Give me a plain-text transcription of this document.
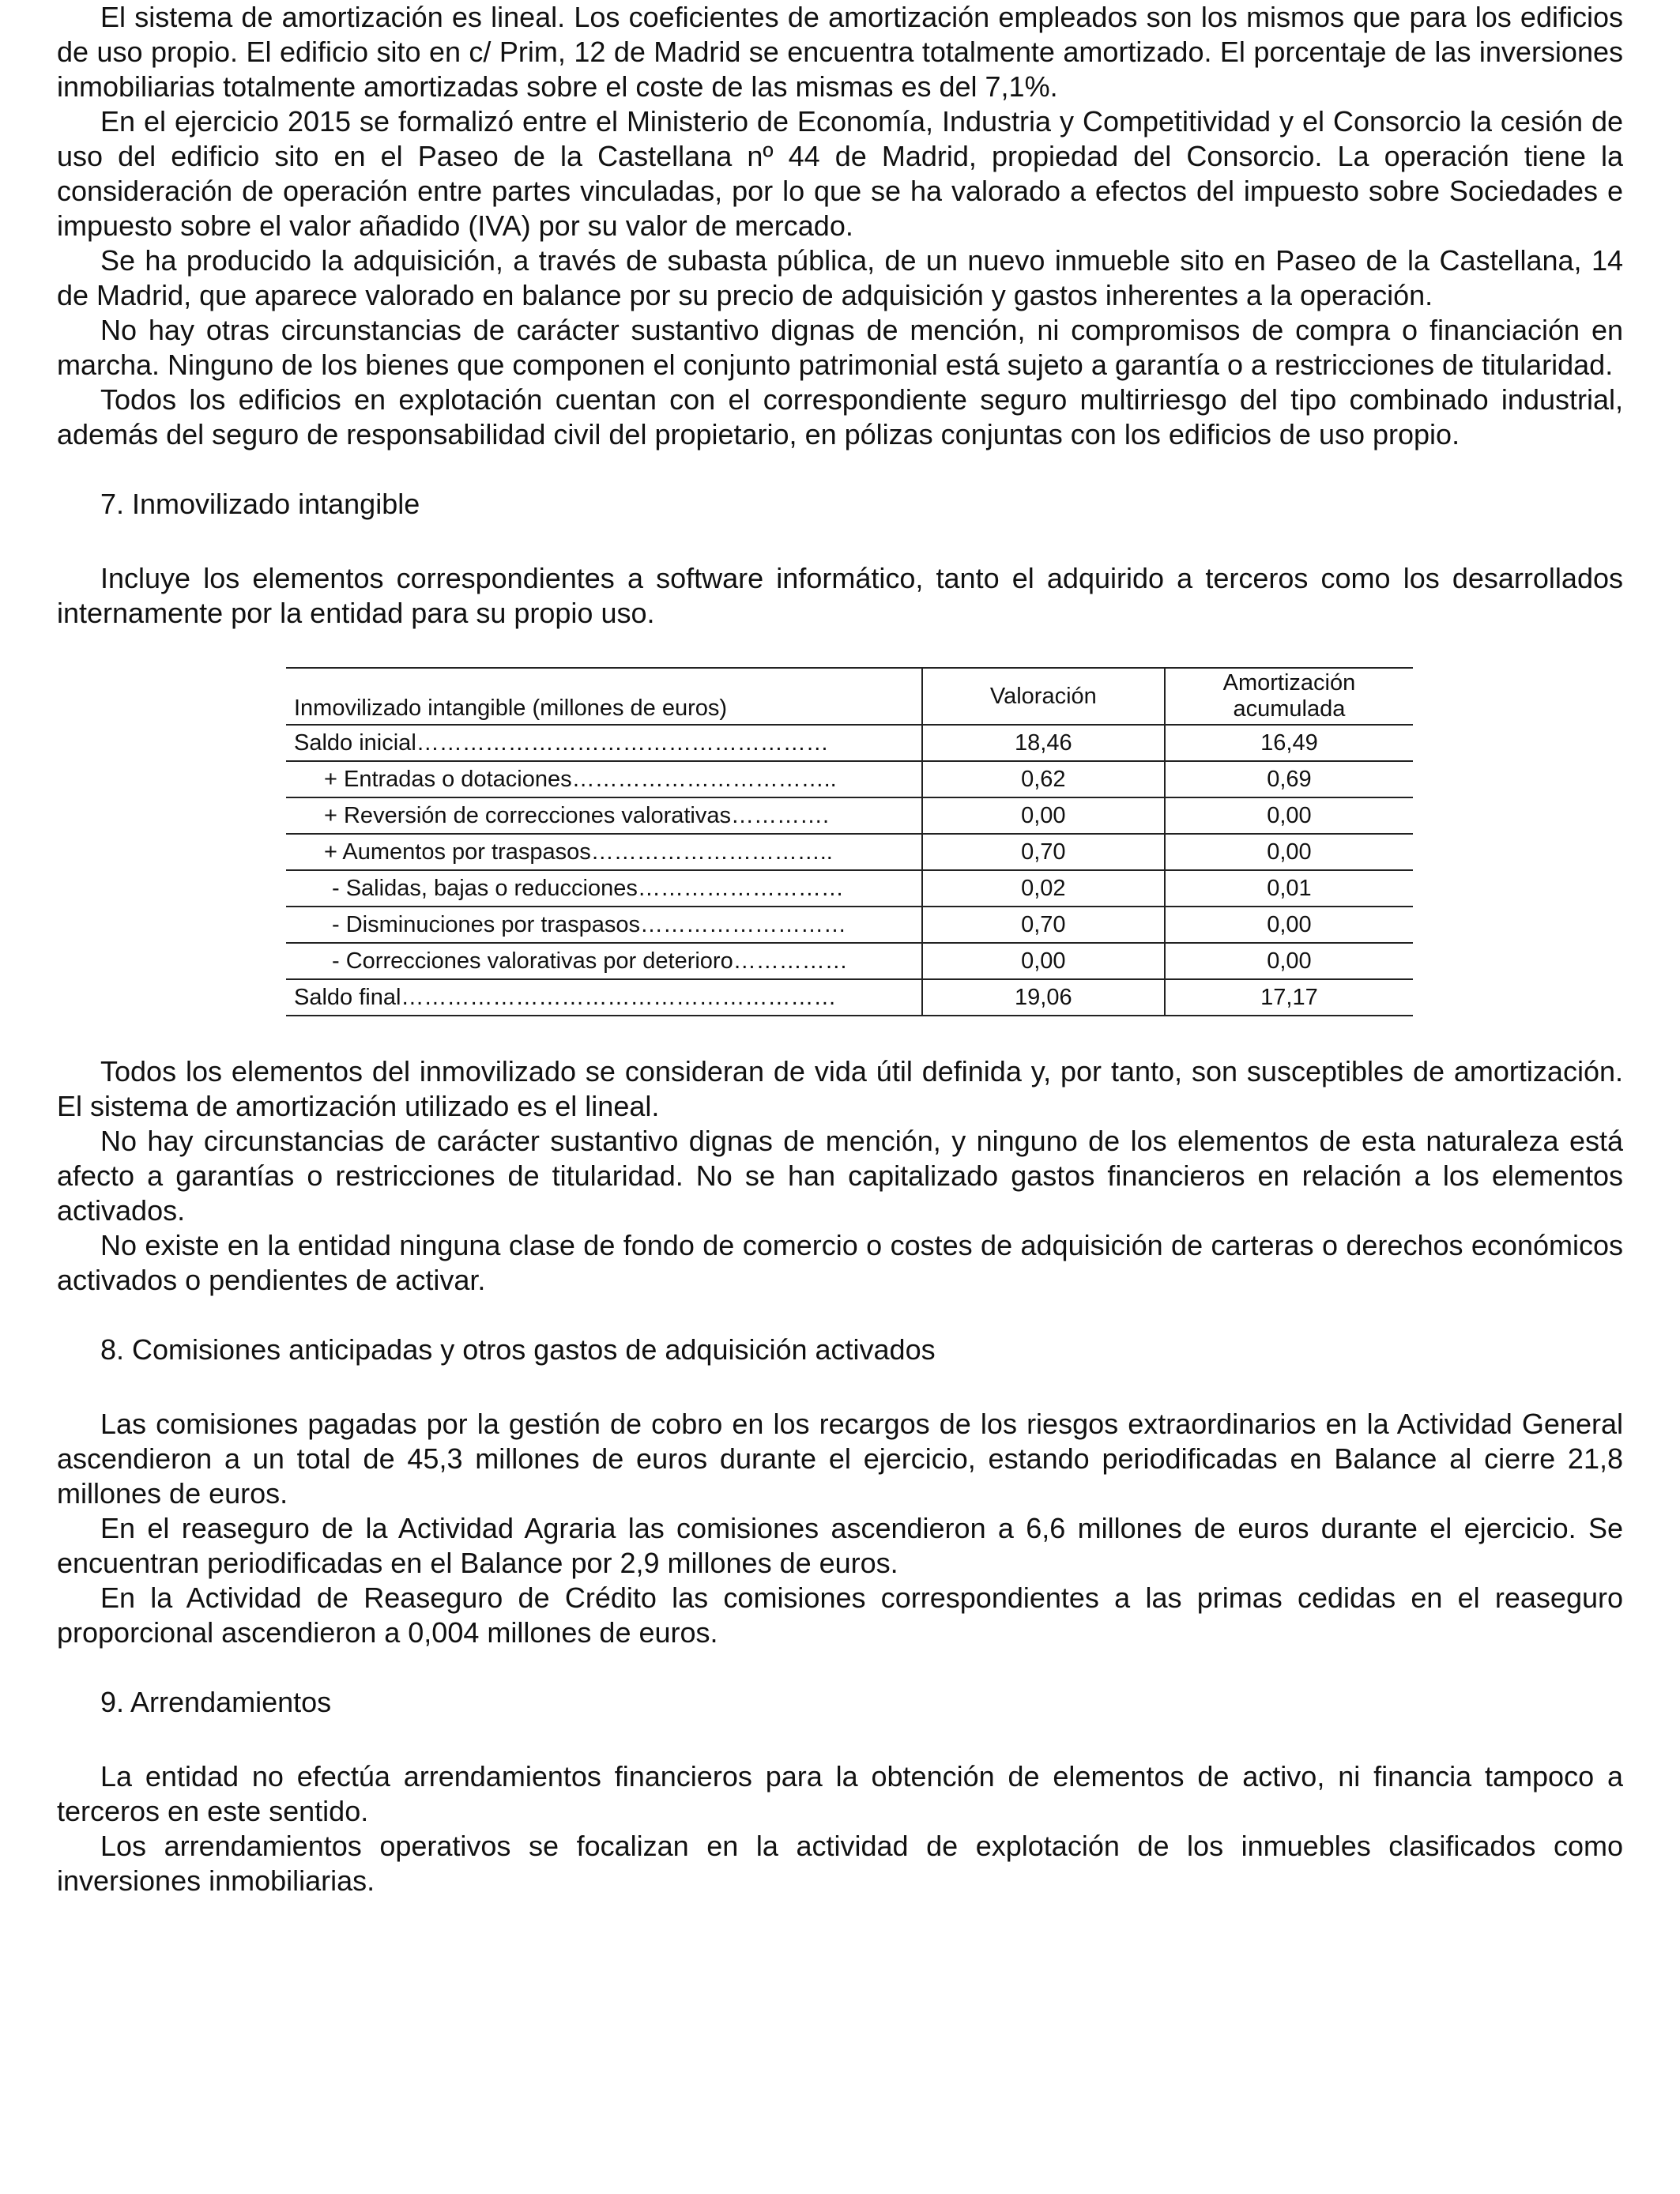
El sistema de amortización es lineal. Los coeficientes de amortización empleados son los mismos que para los edificios de uso propio. El edificio sito en c/ Prim, 12 de Madrid se encuentra totalmente amortizado. El porcentaje de las inversiones inmobiliarias totalmente amortizadas sobre el coste de las mismas es del 7,1%.

En el ejercicio 2015 se formalizó entre el Ministerio de Economía, Industria y Competitividad y el Consorcio la cesión de uso del edificio sito en el Paseo de la Castellana nº 44 de Madrid, propiedad del Consorcio. La operación tiene la consideración de operación entre partes vinculadas, por lo que se ha valorado a efectos del impuesto sobre Sociedades e impuesto sobre el valor añadido (IVA) por su valor de mercado.

Se ha producido la adquisición, a través de subasta pública, de un nuevo inmueble sito en Paseo de la Castellana, 14 de Madrid, que aparece valorado en balance por su precio de adquisición y gastos inherentes a la operación.

No hay otras circunstancias de carácter sustantivo dignas de mención, ni compromisos de compra o financiación en marcha. Ninguno de los bienes que componen el conjunto patrimonial está sujeto a garantía o a restricciones de titularidad.

Todos los edificios en explotación cuentan con el correspondiente seguro multirriesgo del tipo combinado industrial, además del seguro de responsabilidad civil del propietario, en pólizas conjuntas con los edificios de uso propio.

7. Inmovilizado intangible

Incluye los elementos correspondientes a software informático, tanto el adquirido a terceros como los desarrollados internamente por la entidad para su propio uso.

Inmovilizado intangible (millones de euros)	Valoración	Amortización
acumulada

Saldo inicial………………………………………………	18,46	16,49
+ Entradas o dotaciones……………………………..	0,62	0,69
+ Reversión de correcciones valorativas………….	0,00	0,00
+ Aumentos por traspasos…………………………..	0,70	0,00
- Salidas, bajas o reducciones………………………	0,02	0,01
- Disminuciones por traspasos………………………	0,70	0,00
- Correcciones valorativas por deterioro……………	0,00	0,00
Saldo final…………………………………………………	19,06	17,17

Todos los elementos del inmovilizado se consideran de vida útil definida y, por tanto, son susceptibles de amortización. El sistema de amortización utilizado es el lineal.

No hay circunstancias de carácter sustantivo dignas de mención, y ninguno de los elementos de esta naturaleza está afecto a garantías o restricciones de titularidad. No se han capitalizado gastos financieros en relación a los elementos activados.

No existe en la entidad ninguna clase de fondo de comercio o costes de adquisición de carteras o derechos económicos activados o pendientes de activar.

8. Comisiones anticipadas y otros gastos de adquisición activados

Las comisiones pagadas por la gestión de cobro en los recargos de los riesgos extraordinarios en la Actividad General ascendieron a un total de 45,3 millones de euros durante el ejercicio, estando periodificadas en Balance al cierre 21,8 millones de euros.

En el reaseguro de la Actividad Agraria las comisiones ascendieron a 6,6 millones de euros durante el ejercicio. Se encuentran periodificadas en el Balance por 2,9 millones de euros.

En la Actividad de Reaseguro de Crédito las comisiones correspondientes a las primas cedidas en el reaseguro proporcional ascendieron a 0,004 millones de euros.

9. Arrendamientos

La entidad no efectúa arrendamientos financieros para la obtención de elementos de activo, ni financia tampoco a terceros en este sentido.

Los arrendamientos operativos se focalizan en la actividad de explotación de los inmuebles clasificados como inversiones inmobiliarias.
